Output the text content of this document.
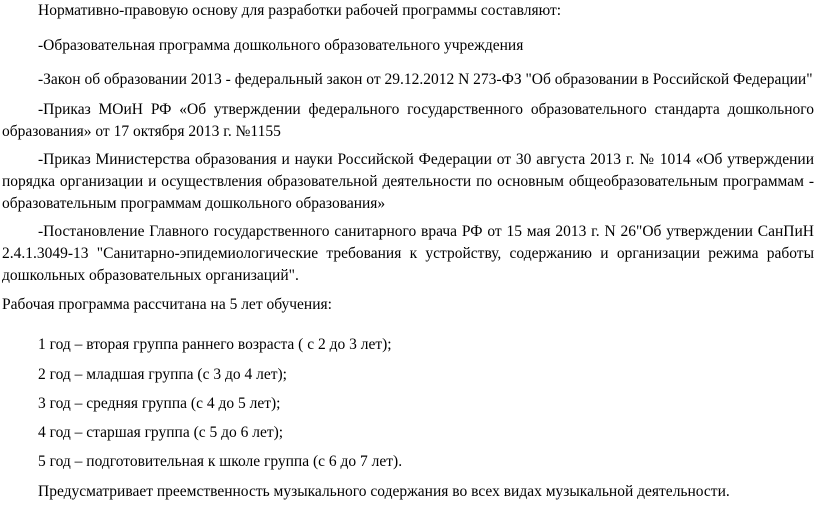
Нормативно-правовую основу для разработки рабочей программы составляют:
-Образовательная программа дошкольного образовательного учреждения
-Закон об образовании 2013 - федеральный закон от 29.12.2012 N 273-ФЗ "Об образовании в Российской Федерации"
-Приказ МОиН РФ «Об утверждении федерального государственного образовательного стандарта дошкольного образования» от 17 октября 2013 г. №1155
-Приказ Министерства образования и науки Российской Федерации от 30 августа 2013 г. № 1014 «Об утверждении порядка организации и осуществления образовательной деятельности по основным общеобразовательным программам - образовательным программам дошкольного образования»
-Постановление Главного государственного санитарного врача РФ от 15 мая 2013 г. N 26"Об утверждении СанПиН 2.4.1.3049-13 "Санитарно-эпидемиологические требования к устройству, содержанию и организации режима работы дошкольных образовательных организаций".
Рабочая программа рассчитана на 5 лет обучения:
1 год – вторая группа раннего возраста ( с 2 до 3 лет);
2 год – младшая группа (с 3 до 4 лет);
3 год – средняя группа (с 4 до 5 лет);
4 год – старшая группа (с 5 до 6 лет);
5 год – подготовительная к школе группа (с 6 до 7 лет).
Предусматривает преемственность музыкального содержания во всех видах музыкальной деятельности.
